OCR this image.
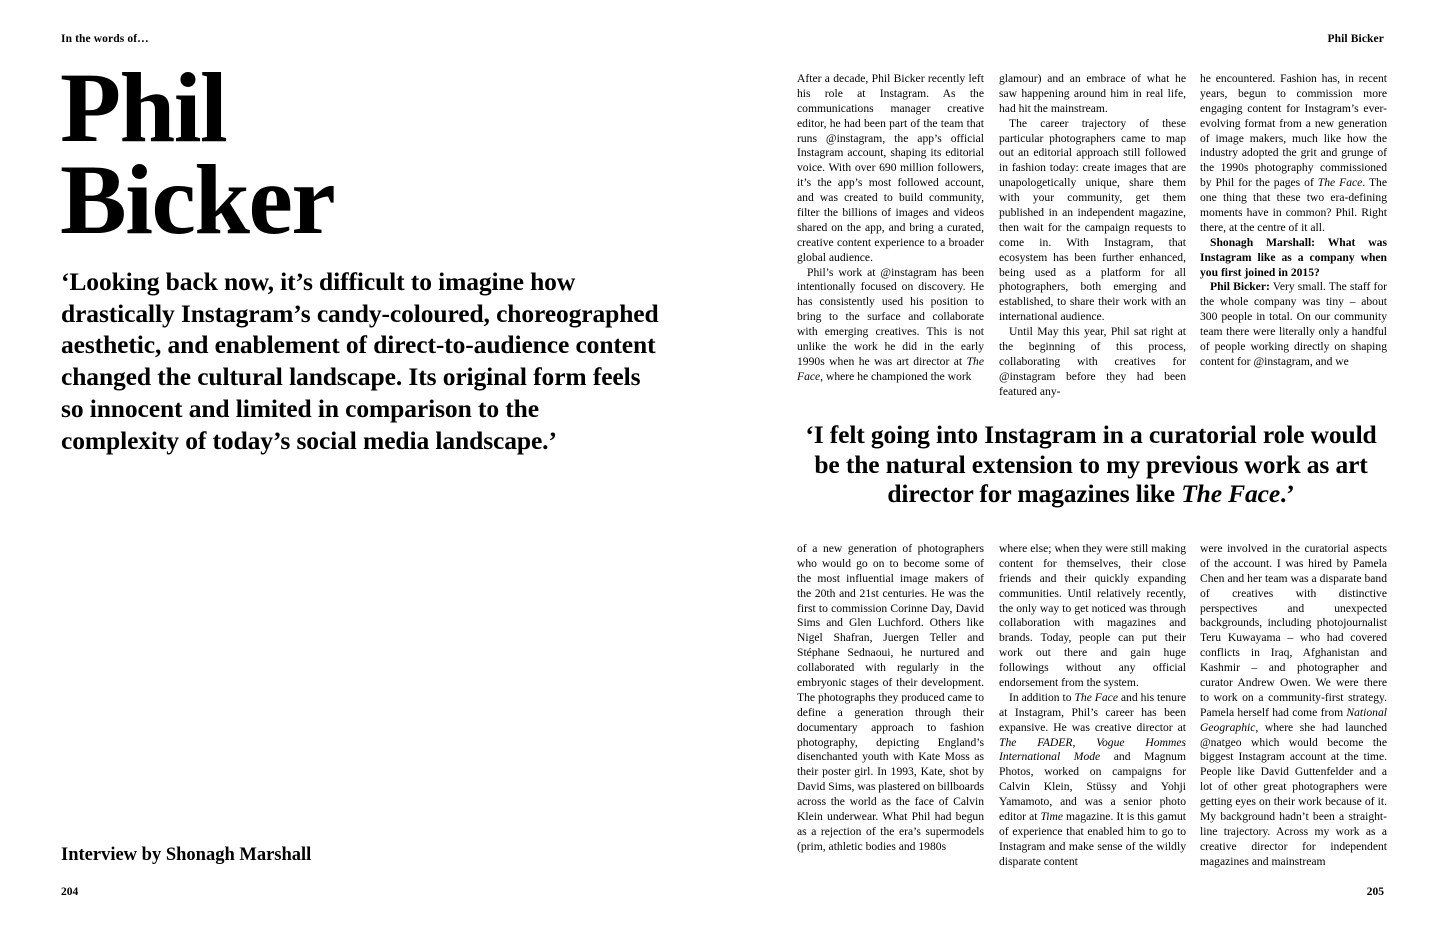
In the words of…	Phil Bicker
Phil
Bicker
‘Looking back now, it’s difficult to imagine how drastically Instagram’s candy-coloured, choreographed aesthetic, and enablement of direct-to-audience content changed the cultural landscape. Its original form feels so innocent and limited in comparison to the complexity of today’s social media landscape.’
Interview by Shonagh Marshall

After a decade, Phil Bicker recently left his role at Instagram. As the communications manager creative editor, he had been part of the team that runs @instagram, the app’s official Instagram account, shaping its editorial voice. With over 690 million followers, it’s the app’s most followed account, and was created to build community, filter the billions of images and videos shared on the app, and bring a curated, creative content experience to a broader global audience.

Phil’s work at @instagram has been intentionally focused on discovery. He has consistently used his position to bring to the surface and collaborate with emerging creatives. This is not unlike the work he did in the early 1990s when he was art director at The Face, where he championed the work

glamour) and an embrace of what he saw happening around him in real life, had hit the mainstream.

The career trajectory of these particular photographers came to map out an editorial approach still followed in fashion today: create images that are unapologetically unique, share them with your community, get them published in an independent magazine, then wait for the campaign requests to come in. With Instagram, that ecosystem has been further enhanced, being used as a platform for all photographers, both emerging and established, to share their work with an international audience.

Until May this year, Phil sat right at the beginning of this process, collaborating with creatives for @instagram before they had been featured any-

he encountered. Fashion has, in recent years, begun to commission more engaging content for Instagram’s ever-evolving format from a new generation of image makers, much like how the industry adopted the grit and grunge of the 1990s photography commissioned by Phil for the pages of The Face. The one thing that these two era-defining moments have in common? Phil. Right there, at the centre of it all.

Shonagh Marshall: What was Instagram like as a company when you first joined in 2015?

Phil Bicker: Very small. The staff for the whole company was tiny – about 300 people in total. On our community team there were literally only a handful of people working directly on shaping content for @instagram, and we

‘I felt going into Instagram in a curatorial role would be the natural extension to my previous work as art director for magazines like The Face.’

of a new generation of photographers who would go on to become some of the most influential image makers of the 20th and 21st centuries. He was the first to commission Corinne Day, David Sims and Glen Luchford. Others like Nigel Shafran, Juergen Teller and Stéphane Sednaoui, he nurtured and collaborated with regularly in the embryonic stages of their development. The photographs they produced came to define a generation through their documentary approach to fashion photography, depicting England’s disenchanted youth with Kate Moss as their poster girl. In 1993, Kate, shot by David Sims, was plastered on billboards across the world as the face of Calvin Klein underwear. What Phil had begun as a rejection of the era’s supermodels (prim, athletic bodies and 1980s

where else; when they were still making content for themselves, their close friends and their quickly expanding communities. Until relatively recently, the only way to get noticed was through collaboration with magazines and brands. Today, people can put their work out there and gain huge followings without any official endorsement from the system.

In addition to The Face and his tenure at Instagram, Phil’s career has been expansive. He was creative director at The FADER, Vogue Hommes International Mode and Magnum Photos, worked on campaigns for Calvin Klein, Stüssy and Yohji Yamamoto, and was a senior photo editor at Time magazine. It is this gamut of experience that enabled him to go to Instagram and make sense of the wildly disparate content

were involved in the curatorial aspects of the account. I was hired by Pamela Chen and her team was a disparate band of creatives with distinctive perspectives and unexpected backgrounds, including photojournalist Teru Kuwayama – who had covered conflicts in Iraq, Afghanistan and Kashmir – and photographer and curator Andrew Owen. We were there to work on a community-first strategy. Pamela herself had come from National Geographic, where she had launched @natgeo which would become the biggest Instagram account at the time. People like David Guttenfelder and a lot of other great photographers were getting eyes on their work because of it. My background hadn’t been a straight-line trajectory. Across my work as a creative director for independent magazines and mainstream

204	205
